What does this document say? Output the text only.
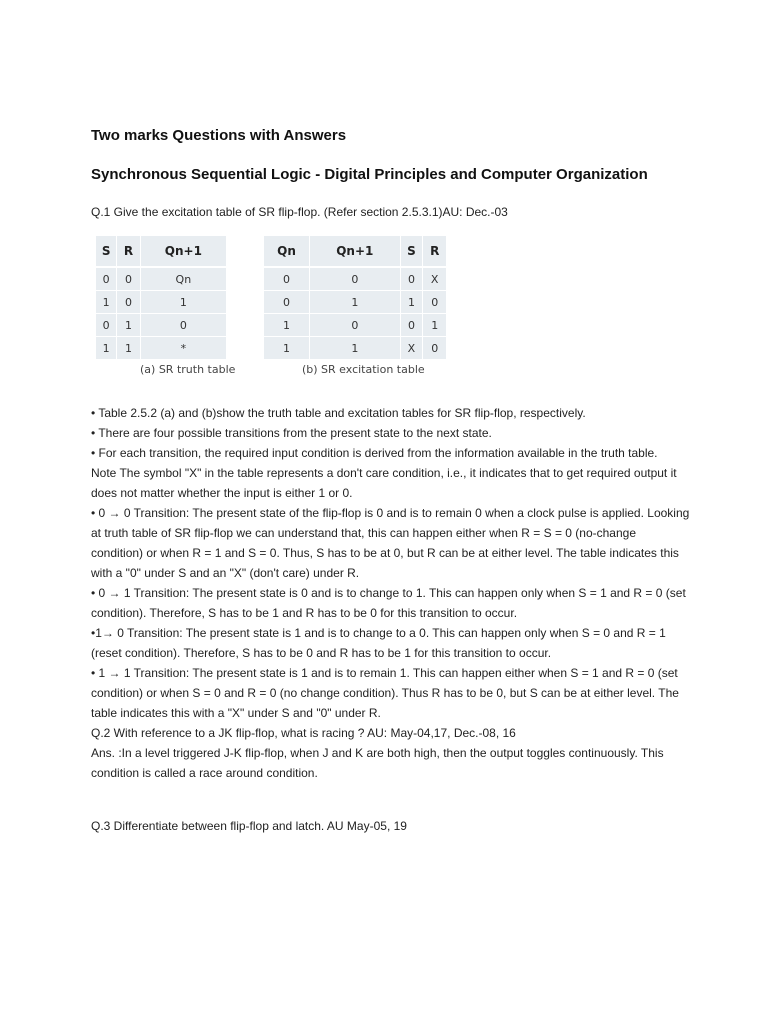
Two marks Questions with Answers
Synchronous Sequential Logic - Digital Principles and Computer Organization
Q.1 Give the excitation table of SR flip-flop. (Refer section 2.5.3.1)AU: Dec.-03
S	R	Qn+1
0	0	Qn
1	0	1
0	1	0
1	1	*
Qn	Qn+1	S	R
0	0	0	X
0	1	1	0
1	0	0	1
1	1	X	0
(a) SR truth table	(b) SR excitation table

• Table 2.5.2 (a) and (b)show the truth table and excitation tables for SR flip-flop, respectively.

• There are four possible transitions from the present state to the next state.

• For each transition, the required input condition is derived from the information available in the truth table.

Note The symbol "X" in the table represents a don't care condition, i.e., it indicates that to get required output it does not matter whether the input is either 1 or 0.

• 0 → 0 Transition: The present state of the flip-flop is 0 and is to remain 0 when a clock pulse is applied. Looking at truth table of SR flip-flop we can understand that, this can happen either when R = S = 0 (no-change condition) or when R = 1 and S = 0. Thus, S has to be at 0, but R can be at either level. The table indicates this with a "0" under S and an "X" (don't care) under R.

• 0 → 1 Transition: The present state is 0 and is to change to 1. This can happen only when S = 1 and R = 0 (set condition). Therefore, S has to be 1 and R has to be 0 for this transition to occur.

•1→ 0 Transition: The present state is 1 and is to change to a 0. This can happen only when S = 0 and R = 1 (reset condition). Therefore, S has to be 0 and R has to be 1 for this transition to occur.

• 1 → 1 Transition: The present state is 1 and is to remain 1. This can happen either when S = 1 and R = 0 (set condition) or when S = 0 and R = 0 (no change condition). Thus R has to be 0, but S can be at either level. The table indicates this with a "X" under S and "0" under R.

Q.2 With reference to a JK flip-flop, what is racing ? AU: May-04,17, Dec.-08, 16

Ans. :In a level triggered J-K flip-flop, when J and K are both high, then the output toggles continuously. This condition is called a race around condition.

Q.3 Differentiate between flip-flop and latch. AU May-05, 19
